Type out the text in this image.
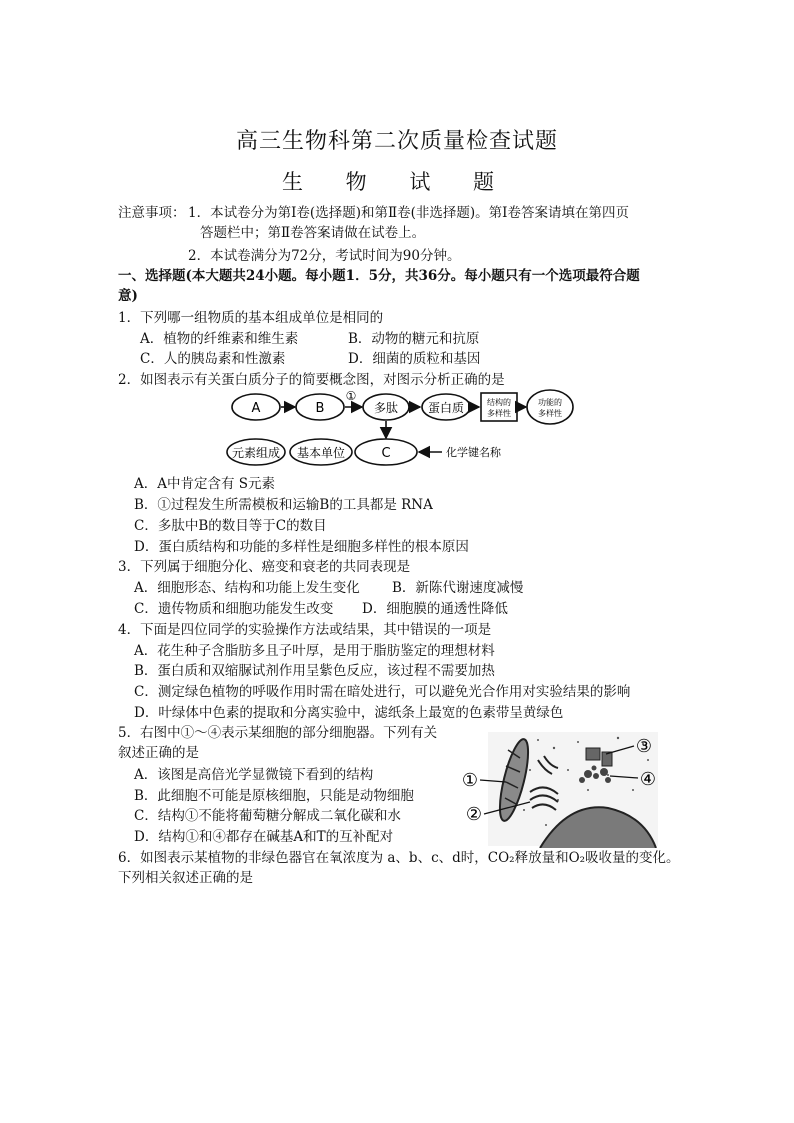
高三生物科第二次质量检查试题
生 物 试 题
注意事项： 1．本试卷分为第Ⅰ卷(选择题)和第Ⅱ卷(非选择题)。第Ⅰ卷答案请填在第四页
答题栏中；第Ⅱ卷答案请做在试卷上。
2．本试卷满分为72分，考试时间为90分钟。
一、选择题(本大题共24小题。每小题1．5分，共36分。每小题只有一个选项最符合题
意)
1．下列哪一组物质的基本组成单位是相同的
A．植物的纤维素和维生素	B．动物的糖元和抗原
C．人的胰岛素和性激素	D．细菌的质粒和基因
2．如图表示有关蛋白质分子的简要概念图，对图示分析正确的是
A	B
①
多肽 蛋白质	结构的
多样性
功能的
多样性
元素组成 基本单位	C	化学键名称
A．A中肯定含有 S元素
B．①过程发生所需模板和运输B的工具都是 RNA
C．多肽中B的数目等于C的数目
D．蛋白质结构和功能的多样性是细胞多样性的根本原因
3．下列属于细胞分化、癌变和衰老的共同表现是
A．细胞形态、结构和功能上发生变化 B．新陈代谢速度减慢
C．遗传物质和细胞功能发生改变 D．细胞膜的通透性降低
4．下面是四位同学的实验操作方法或结果，其中错误的一项是
A．花生种子含脂肪多且子叶厚，是用于脂肪鉴定的理想材料
B．蛋白质和双缩脲试剂作用呈紫色反应，该过程不需要加热
C．测定绿色植物的呼吸作用时需在暗处进行，可以避免光合作用对实验结果的影响
D．叶绿体中色素的提取和分离实验中，滤纸条上最宽的色素带呈黄绿色
5．右图中①～④表示某细胞的部分细胞器。下列有关
叙述正确的是
A．该图是高倍光学显微镜下看到的结构
B．此细胞不可能是原核细胞，只能是动物细胞
C．结构①不能将葡萄糖分解成二氧化碳和水
D．结构①和④都存在碱基A和T的互补配对
①
②
③
④
6．如图表示某植物的非绿色器官在氧浓度为 a、b、c、d时，CO₂释放量和O₂吸收量的变化。
下列相关叙述正确的是
